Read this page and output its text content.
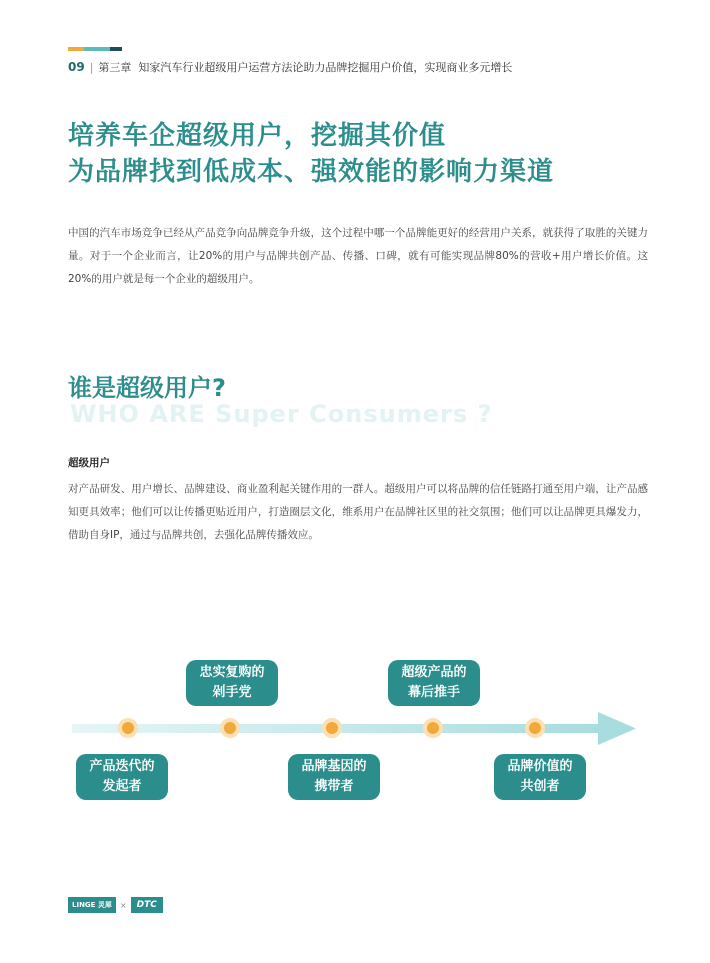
09 | 第三章 知家汽车行业超级用户运营方法论助力品牌挖掘用户价值，实现商业多元增长
培养车企超级用户，挖掘其价值
为品牌找到低成本、强效能的影响力渠道
中国的汽车市场竞争已经从产品竞争向品牌竞争升级，这个过程中哪一个品牌能更好的经营用户关系，就获得了取胜的关键力量。对于一个企业而言，让20%的用户与品牌共创产品、传播、口碑，就有可能实现品牌80%的营收+用户增长价值。这20%的用户就是每一个企业的超级用户。
WHO ARE Super Consumers ?
谁是超级用户?
超级用户
对产品研发、用户增长、品牌建设、商业盈利起关键作用的一群人。超级用户可以将品牌的信任链路打通至用户端，让产品感知更具效率；他们可以让传播更贴近用户，打造圈层文化，维系用户在品牌社区里的社交氛围；他们可以让品牌更具爆发力，借助自身IP，通过与品牌共创，去强化品牌传播效应。
产品迭代的
发起者
忠实复购的
剁手党
品牌基因的
携带者
超级产品的
幕后推手
品牌价值的
共创者
LINGE 灵犀	×	DTC
